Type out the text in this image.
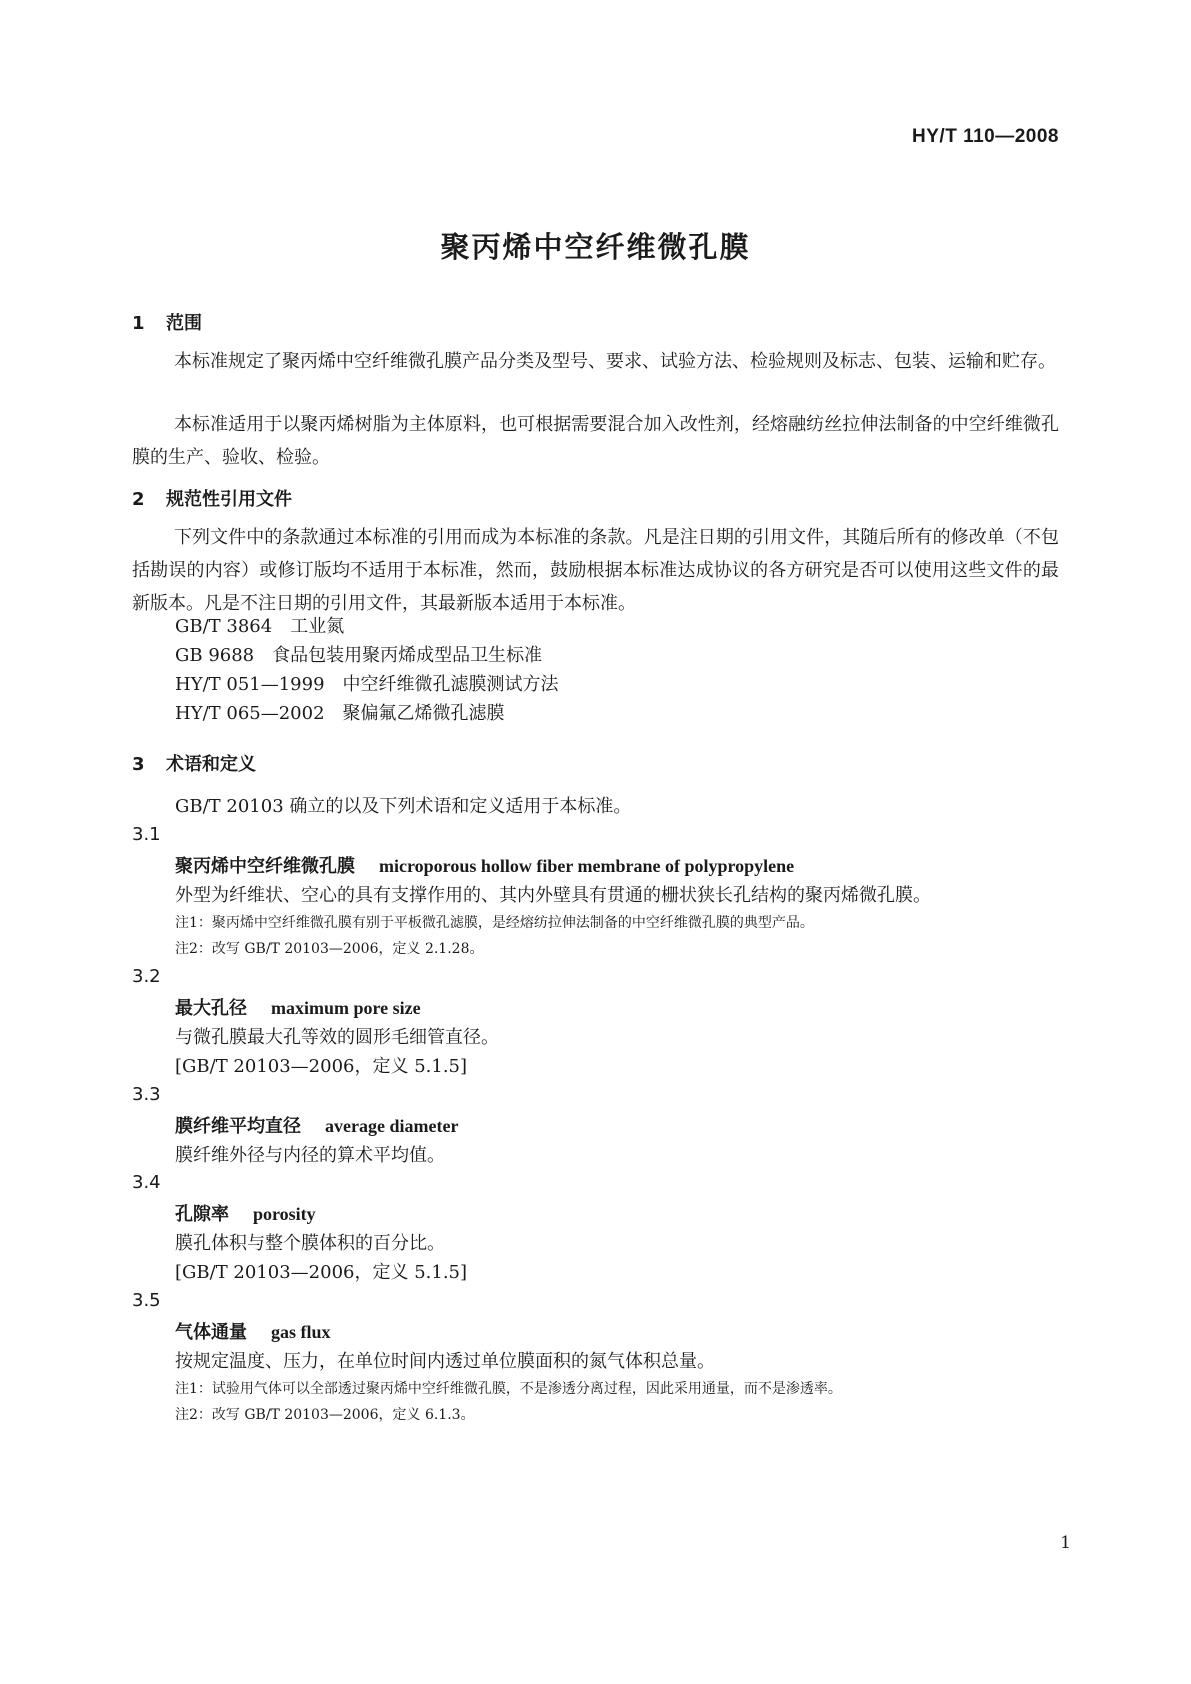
HY/T 110—2008
聚丙烯中空纤维微孔膜
1 范围
本标准规定了聚丙烯中空纤维微孔膜产品分类及型号、要求、试验方法、检验规则及标志、包装、运输和贮存。
本标准适用于以聚丙烯树脂为主体原料，也可根据需要混合加入改性剂，经熔融纺丝拉伸法制备的中空纤维微孔膜的生产、验收、检验。
2 规范性引用文件
下列文件中的条款通过本标准的引用而成为本标准的条款。凡是注日期的引用文件，其随后所有的修改单（不包括勘误的内容）或修订版均不适用于本标准，然而，鼓励根据本标准达成协议的各方研究是否可以使用这些文件的最新版本。凡是不注日期的引用文件，其最新版本适用于本标准。
GB/T 3864 工业氮
GB 9688 食品包装用聚丙烯成型品卫生标准
HY/T 051—1999 中空纤维微孔滤膜测试方法
HY/T 065—2002 聚偏氟乙烯微孔滤膜
3 术语和定义
GB/T 20103 确立的以及下列术语和定义适用于本标准。
3.1
聚丙烯中空纤维微孔膜 microporous hollow fiber membrane of polypropylene
外型为纤维状、空心的具有支撑作用的、其内外壁具有贯通的栅状狭长孔结构的聚丙烯微孔膜。
注1：聚丙烯中空纤维微孔膜有别于平板微孔滤膜，是经熔纺拉伸法制备的中空纤维微孔膜的典型产品。
注2：改写 GB/T 20103—2006，定义 2.1.28。
3.2
最大孔径 maximum pore size
与微孔膜最大孔等效的圆形毛细管直径。
[GB/T 20103—2006，定义 5.1.5]
3.3
膜纤维平均直径 average diameter
膜纤维外径与内径的算术平均值。
3.4
孔隙率 porosity
膜孔体积与整个膜体积的百分比。
[GB/T 20103—2006，定义 5.1.5]
3.5
气体通量 gas flux
按规定温度、压力，在单位时间内透过单位膜面积的氮气体积总量。
注1：试验用气体可以全部透过聚丙烯中空纤维微孔膜，不是渗透分离过程，因此采用通量，而不是渗透率。
注2：改写 GB/T 20103—2006，定义 6.1.3。
1
